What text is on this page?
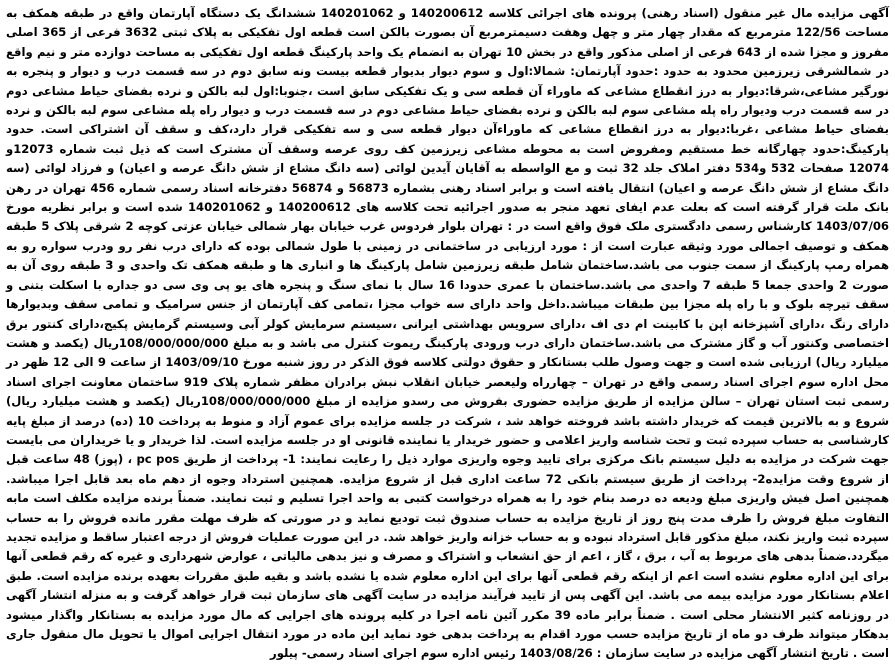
آگهی مزایده مال غیر منقول (اسناد رهنی) پرونده های اجرائی کلاسه 140200612 و 140201062 ششدانگ یک دستگاه آپارتمان واقع در طبقه همکف به مساحت 122/56 مترمربع که مقدار چهار متر و چهل وهفت دسیمترمربع آن بصورت بالکن است قطعه اول تفکیکی به پلاک ثبتی 3632 فرعی از 365 اصلی مفروز و مجزا شده از 643 فرعی از اصلی مذکور واقع در بخش 10 تهران به انضمام یک واحد پارکینگ قطعه اول تفکیکی به مساحت دوازده متر و نیم واقع در شمالشرقی زیرزمین محدود به حدود :حدود آپارتمان: شمالا:اول و سوم دیوار بدیوار قطعه بیست ونه سابق دوم در سه قسمت درب و دیوار و پنجره به نورگیر مشاعی،شرقا:دیوار به درز انقطاع مشاعی که ماوراء آن قطعه سی و یک تفکیکی سابق است ،جنوبا:اول لبه بالکن و نرده بفضای حیاط مشاعی دوم در سه قسمت درب ودیوار راه پله مشاعی سوم لبه بالکن و نرده بفضای حیاط مشاعی دوم در سه قسمت درب و دیوار راه پله مشاعی سوم لبه بالکن و نرده بفضای حیاط مشاعی ،غربا:دیوار به درز انقطاع مشاعی که ماوراءآن دیوار قطعه سی و سه تفکیکی قرار دارد،کف و سقف آن اشتراکی است. حدود پارکینگ:حدود چهارگانه خط مستقیم ومفروض است به محوطه مشاعی زیرزمین کف روی عرصه وسقف آن مشترک است که ذیل ثبت شماره 12073و 12074 صفحات 532 و534 دفتر املاک جلد 32 ثبت و مع الواسطه به آقایان آیدین لوائی (سه دانگ مشاع از شش دانگ عرصه و اعیان) و فرزاد لوائی (سه دانگ مشاع از شش دانگ عرصه و اعیان) انتقال یافته است و برابر اسناد رهنی بشماره 56873 و 56874 دفترخانه اسناد رسمی شماره 456 تهران در رهن بانک ملت قرار گرفته است که بعلت عدم ایفای تعهد منجر به صدور اجرائیه تحت کلاسه های 140200612 و 140201062 شده است و برابر نظریه مورخ 1403/07/06 کارشناس رسمی دادگستری ملک فوق واقع است در : تهران بلوار فردوس غرب خیابان بهار شمالی خیابان عزتی کوچه 2 شرقی پلاک 5 طبقه همکف و توصیف اجمالی مورد وثیقه عبارت است از : مورد ارزیابی در ساختمانی در زمینی با طول شمالی بوده که دارای درب نفر رو ودرب سواره رو به همراه رمپ پارکینگ از سمت جنوب می باشد.ساختمان شامل طبقه زیرزمین شامل پارکینگ ها و انباری ها و طبقه همکف تک واحدی و 3 طبقه روی آن به صورت 2 واحدی جمعا 5 طبقه 7 واحدی می باشد.ساختمان با عمری حدودا 16 سال با نمای سنگ و پنجره های یو پی وی سی دو جداره با اسکلت بتنی و سقف تیرچه بلوک و با راه پله مجزا بین طبقات میباشد.داخل واحد دارای سه خواب مجزا ،تمامی کف آپارتمان از جنس سرامیک و تمامی سقف وبدیوارها دارای رنگ ،دارای آشپزخانه اپن با کابینت ام دی اف ،دارای سرویس بهداشتی ایرانی ،سیستم سرمایش کولر آبی وسیستم گرمایش پکیج،دارای کنتور برق اختصاصی وکنتور آب و گاز مشترک می باشد.ساختمان دارای درب ورودی پارکینگ ریموت کنترل می باشد و به مبلغ 108/000/000/000ریال (یکصد و هشت میلیارد ریال) ارزیابی شده است و جهت وصول طلب بستانکار و حقوق دولتی کلاسه فوق الذکر در روز شنبه مورخ 1403/09/10 از ساعت 9 الی 12 ظهر در محل اداره سوم اجرای اسناد رسمی واقع در تهران – چهارراه ولیعصر خیابان انقلاب نبش برادران مظفر شماره پلاک 919 ساختمان معاونت اجرای اسناد رسمی ثبت استان تهران – سالن مزایده از طریق مزایده حضوری بفروش می رسدو مزایده از مبلغ 108/000/000/000ریال (یکصد و هشت میلیارد ریال) شروع و به بالاترین قیمت که خریدار داشته باشد فروخته خواهد شد ، شرکت در جلسه مزایده برای عموم آزاد و منوط به پرداخت 10 (ده) درصد از مبلغ پایه کارشناسی به حساب سپرده ثبت و تحت شناسه واریز اعلامی و حضور خریدار یا نماینده قانونی او در جلسه مزایده است. لذا خریدار و یا خریداران می بایست جهت شرکت در مزایده به دلیل سیستم بانک مرکزی برای تایید وجوه واریزی موارد ذیل را رعایت نمایند: 1- پرداخت از طریق pc pos ، (پوز) 48 ساعت قبل از شروع وقت مزایده2- پرداخت از طریق سیستم بانکی 72 ساعت اداری قبل از شروع مزایده. همچنین استرداد وجوه از دهم ماه بعد قابل اجرا میباشد. همچنین اصل فیش واریزی مبلغ ودیعه ده درصد بنام خود را به همراه درخواست کتبی به واحد اجرا تسلیم و ثبت نمایند. ضمناً برنده مزایده مکلف است مابه التفاوت مبلغ فروش را ظرف مدت پنج روز از تاریخ مزایده به حساب صندوق ثبت تودیع نماید و در صورتی که ظرف مهلت مقرر مانده فروش را به حساب سپرده ثبت واریز نکند، مبلغ مذکور قابل استرداد نبوده و به حساب خزانه واریز خواهد شد. در این صورت عملیات فروش از درجه اعتبار ساقط و مزایده تجدید میگردد.ضمناً بدهی های مربوط به آب ، برق ، گاز ، اعم از حق انشعاب و اشتراک و مصرف و نیز بدهی مالیاتی ، عوارض شهرداری و غیره که رقم قطعی آنها برای این اداره معلوم نشده است اعم از اینکه رقم قطعی آنها برای این اداره معلوم شده یا نشده باشد و بقیه طبق مقررات بعهده برنده مزایده است. طبق اعلام بستانکار مورد مزایده بیمه می باشد. این آگهی پس از تایید فرآیند مزایده در سایت آگهی های سازمان ثبت قرار خواهد گرفت و به منزله انتشار آگهی در روزنامه کثیر الانتشار محلی است . ضمناً برابر ماده 39 مکرر آئین نامه اجرا در کلیه پرونده های اجرایی که مال مورد مزایده به بستانکار واگذار میشود بدهکار میتواند ظرف دو ماه از تاریخ مزایده حسب مورد اقدام به پرداخت بدهی خود نماید این ماده در مورد انتقال اجرایی اموال یا تحویل مال منقول جاری است . تاریخ انتشار آگهی مزایده در سایت سازمان : 1403/08/26 رئیس اداره سوم اجرای اسناد رسمی- پیلور
